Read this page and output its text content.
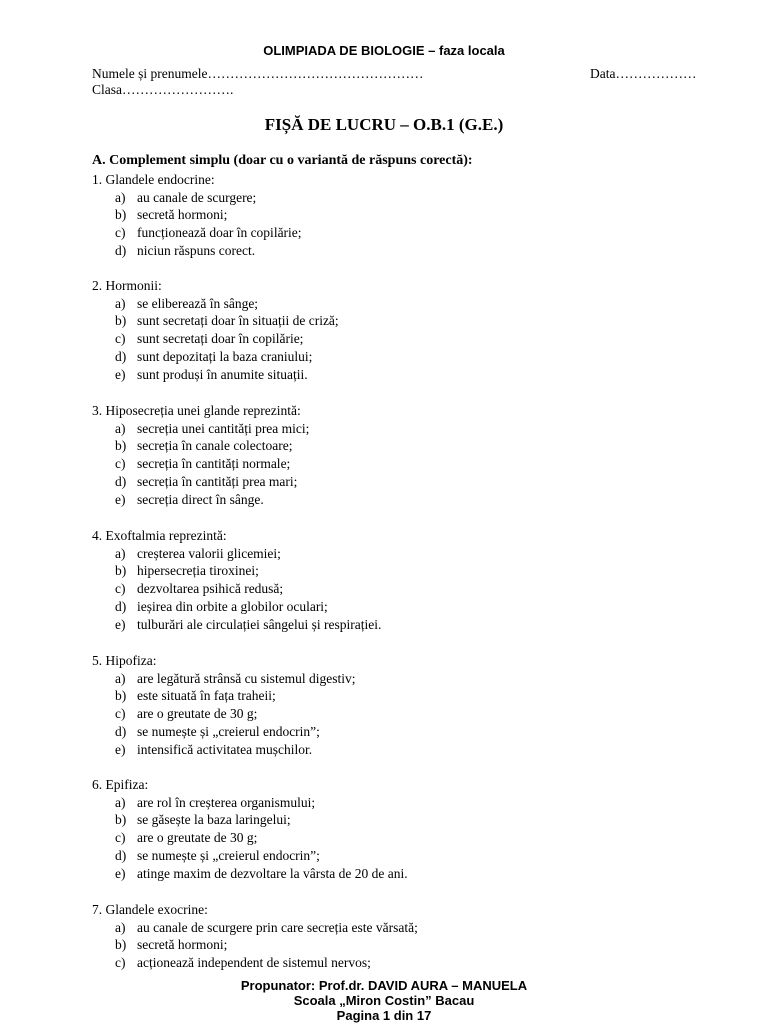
OLIMPIADA DE BIOLOGIE – faza locala
Numele și prenumele…………………………………………	Data………………
Clasa…………………….
FIȘĂ DE LUCRU – O.B.1 (G.E.)
A. Complement simplu (doar cu o variantă de răspuns corectă):
1. Glandele endocrine:
a) au canale de scurgere;
b) secretă hormoni;
c) funcționează doar în copilărie;
d) niciun răspuns corect.
2. Hormonii:
a) se eliberează în sânge;
b) sunt secretați doar în situații de criză;
c) sunt secretați doar în copilărie;
d) sunt depozitați la baza craniului;
e) sunt produși în anumite situații.
3. Hiposecreția unei glande reprezintă:
a) secreția unei cantități prea mici;
b) secreția în canale colectoare;
c) secreția în cantități normale;
d) secreția în cantități prea mari;
e) secreția direct în sânge.
4. Exoftalmia reprezintă:
a) creșterea valorii glicemiei;
b) hipersecreția tiroxinei;
c) dezvoltarea psihică redusă;
d) ieșirea din orbite a globilor oculari;
e) tulburări ale circulației sângelui și respirației.
5. Hipofiza:
a) are legătură strânsă cu sistemul digestiv;
b) este situată în fața traheii;
c) are o greutate de 30 g;
d) se numește și „creierul endocrin”;
e) intensifică activitatea mușchilor.
6. Epifiza:
a) are rol în creșterea organismului;
b) se găsește la baza laringelui;
c) are o greutate de 30 g;
d) se numește și „creierul endocrin”;
e) atinge maxim de dezvoltare la vârsta de 20 de ani.
7. Glandele exocrine:
a) au canale de scurgere prin care secreția este vărsată;
b) secretă hormoni;
c) acționează independent de sistemul nervos;
Propunator: Prof.dr. DAVID AURA – MANUELA
Scoala „Miron Costin” Bacau
Pagina 1 din 17
